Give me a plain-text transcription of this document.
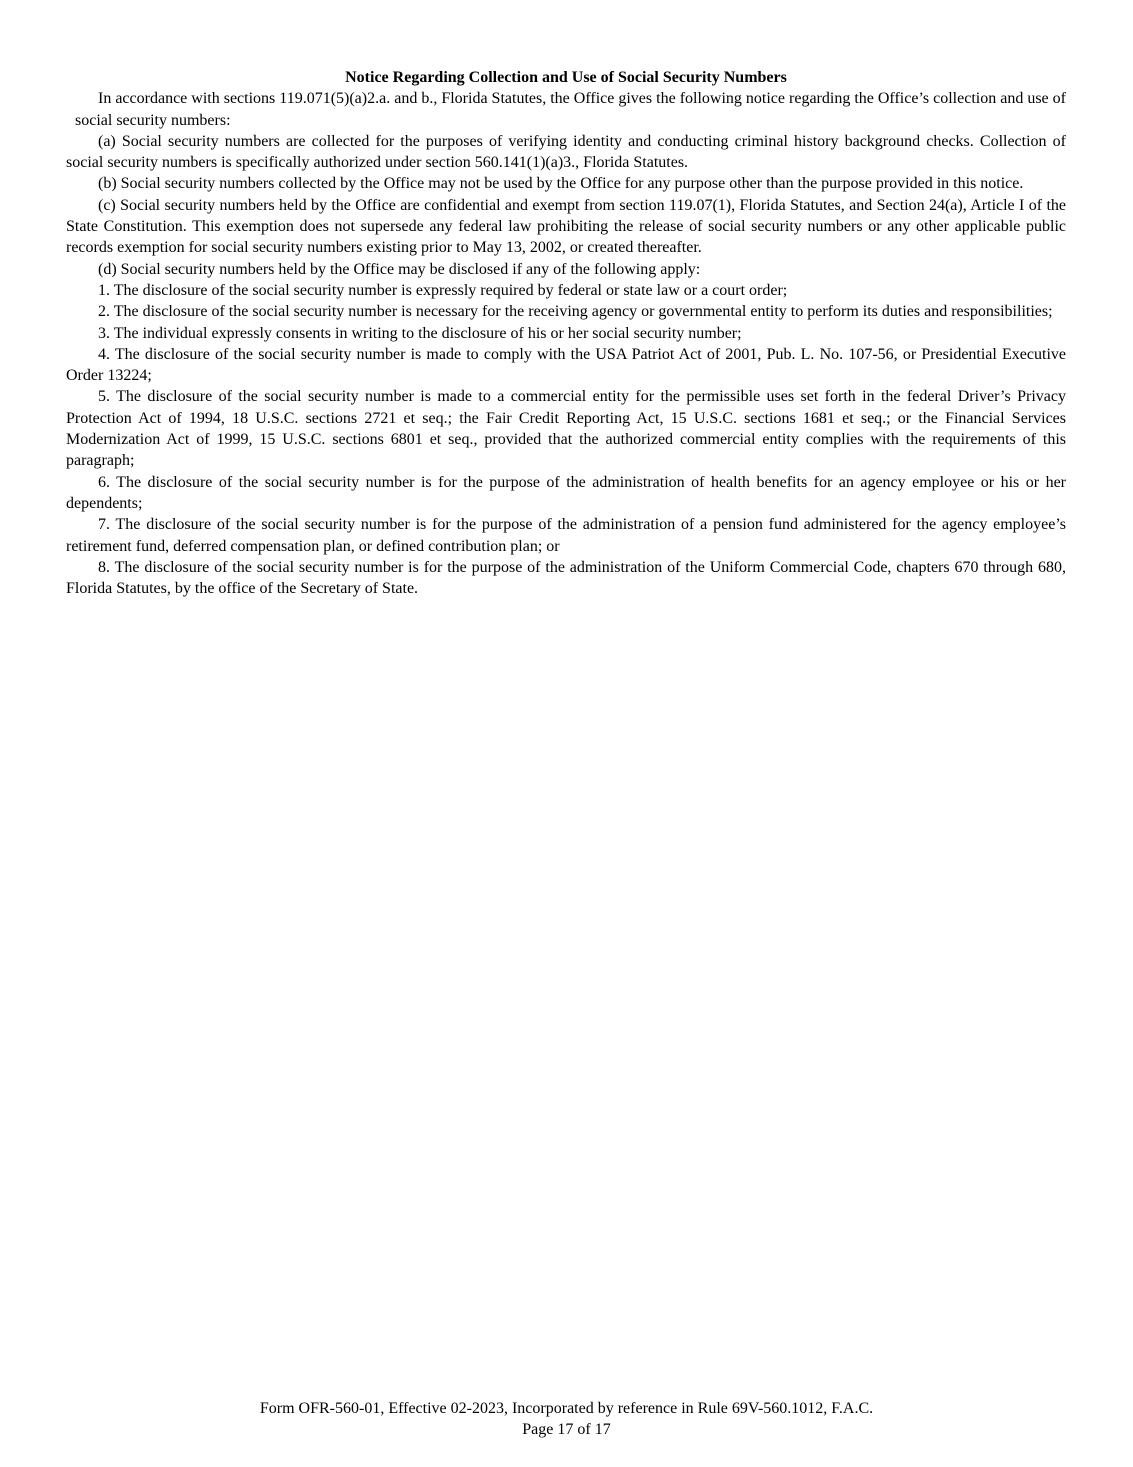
Notice Regarding Collection and Use of Social Security Numbers

In accordance with sections 119.071(5)(a)2.a. and b., Florida Statutes, the Office gives the following notice regarding the Office’s collection and use of social security numbers:

(a) Social security numbers are collected for the purposes of verifying identity and conducting criminal history background checks. Collection of social security numbers is specifically authorized under section 560.141(1)(a)3., Florida Statutes.

(b) Social security numbers collected by the Office may not be used by the Office for any purpose other than the purpose provided in this notice.

(c) Social security numbers held by the Office are confidential and exempt from section 119.07(1), Florida Statutes, and Section 24(a), Article I of the State Constitution. This exemption does not supersede any federal law prohibiting the release of social security numbers or any other applicable public records exemption for social security numbers existing prior to May 13, 2002, or created thereafter.

(d) Social security numbers held by the Office may be disclosed if any of the following apply:

1. The disclosure of the social security number is expressly required by federal or state law or a court order;

2. The disclosure of the social security number is necessary for the receiving agency or governmental entity to perform its duties and responsibilities;

3. The individual expressly consents in writing to the disclosure of his or her social security number;

4. The disclosure of the social security number is made to comply with the USA Patriot Act of 2001, Pub. L. No. 107-56, or Presidential Executive Order 13224;

5. The disclosure of the social security number is made to a commercial entity for the permissible uses set forth in the federal Driver’s Privacy Protection Act of 1994, 18 U.S.C. sections 2721 et seq.; the Fair Credit Reporting Act, 15 U.S.C. sections 1681 et seq.; or the Financial Services Modernization Act of 1999, 15 U.S.C. sections 6801 et seq., provided that the authorized commercial entity complies with the requirements of this paragraph;

6. The disclosure of the social security number is for the purpose of the administration of health benefits for an agency employee or his or her dependents;

7. The disclosure of the social security number is for the purpose of the administration of a pension fund administered for the agency employee’s retirement fund, deferred compensation plan, or defined contribution plan; or

8. The disclosure of the social security number is for the purpose of the administration of the Uniform Commercial Code, chapters 670 through 680, Florida Statutes, by the office of the Secretary of State.

Form OFR-560-01, Effective 02-2023, Incorporated by reference in Rule 69V-560.1012, F.A.C.

Page 17 of 17
